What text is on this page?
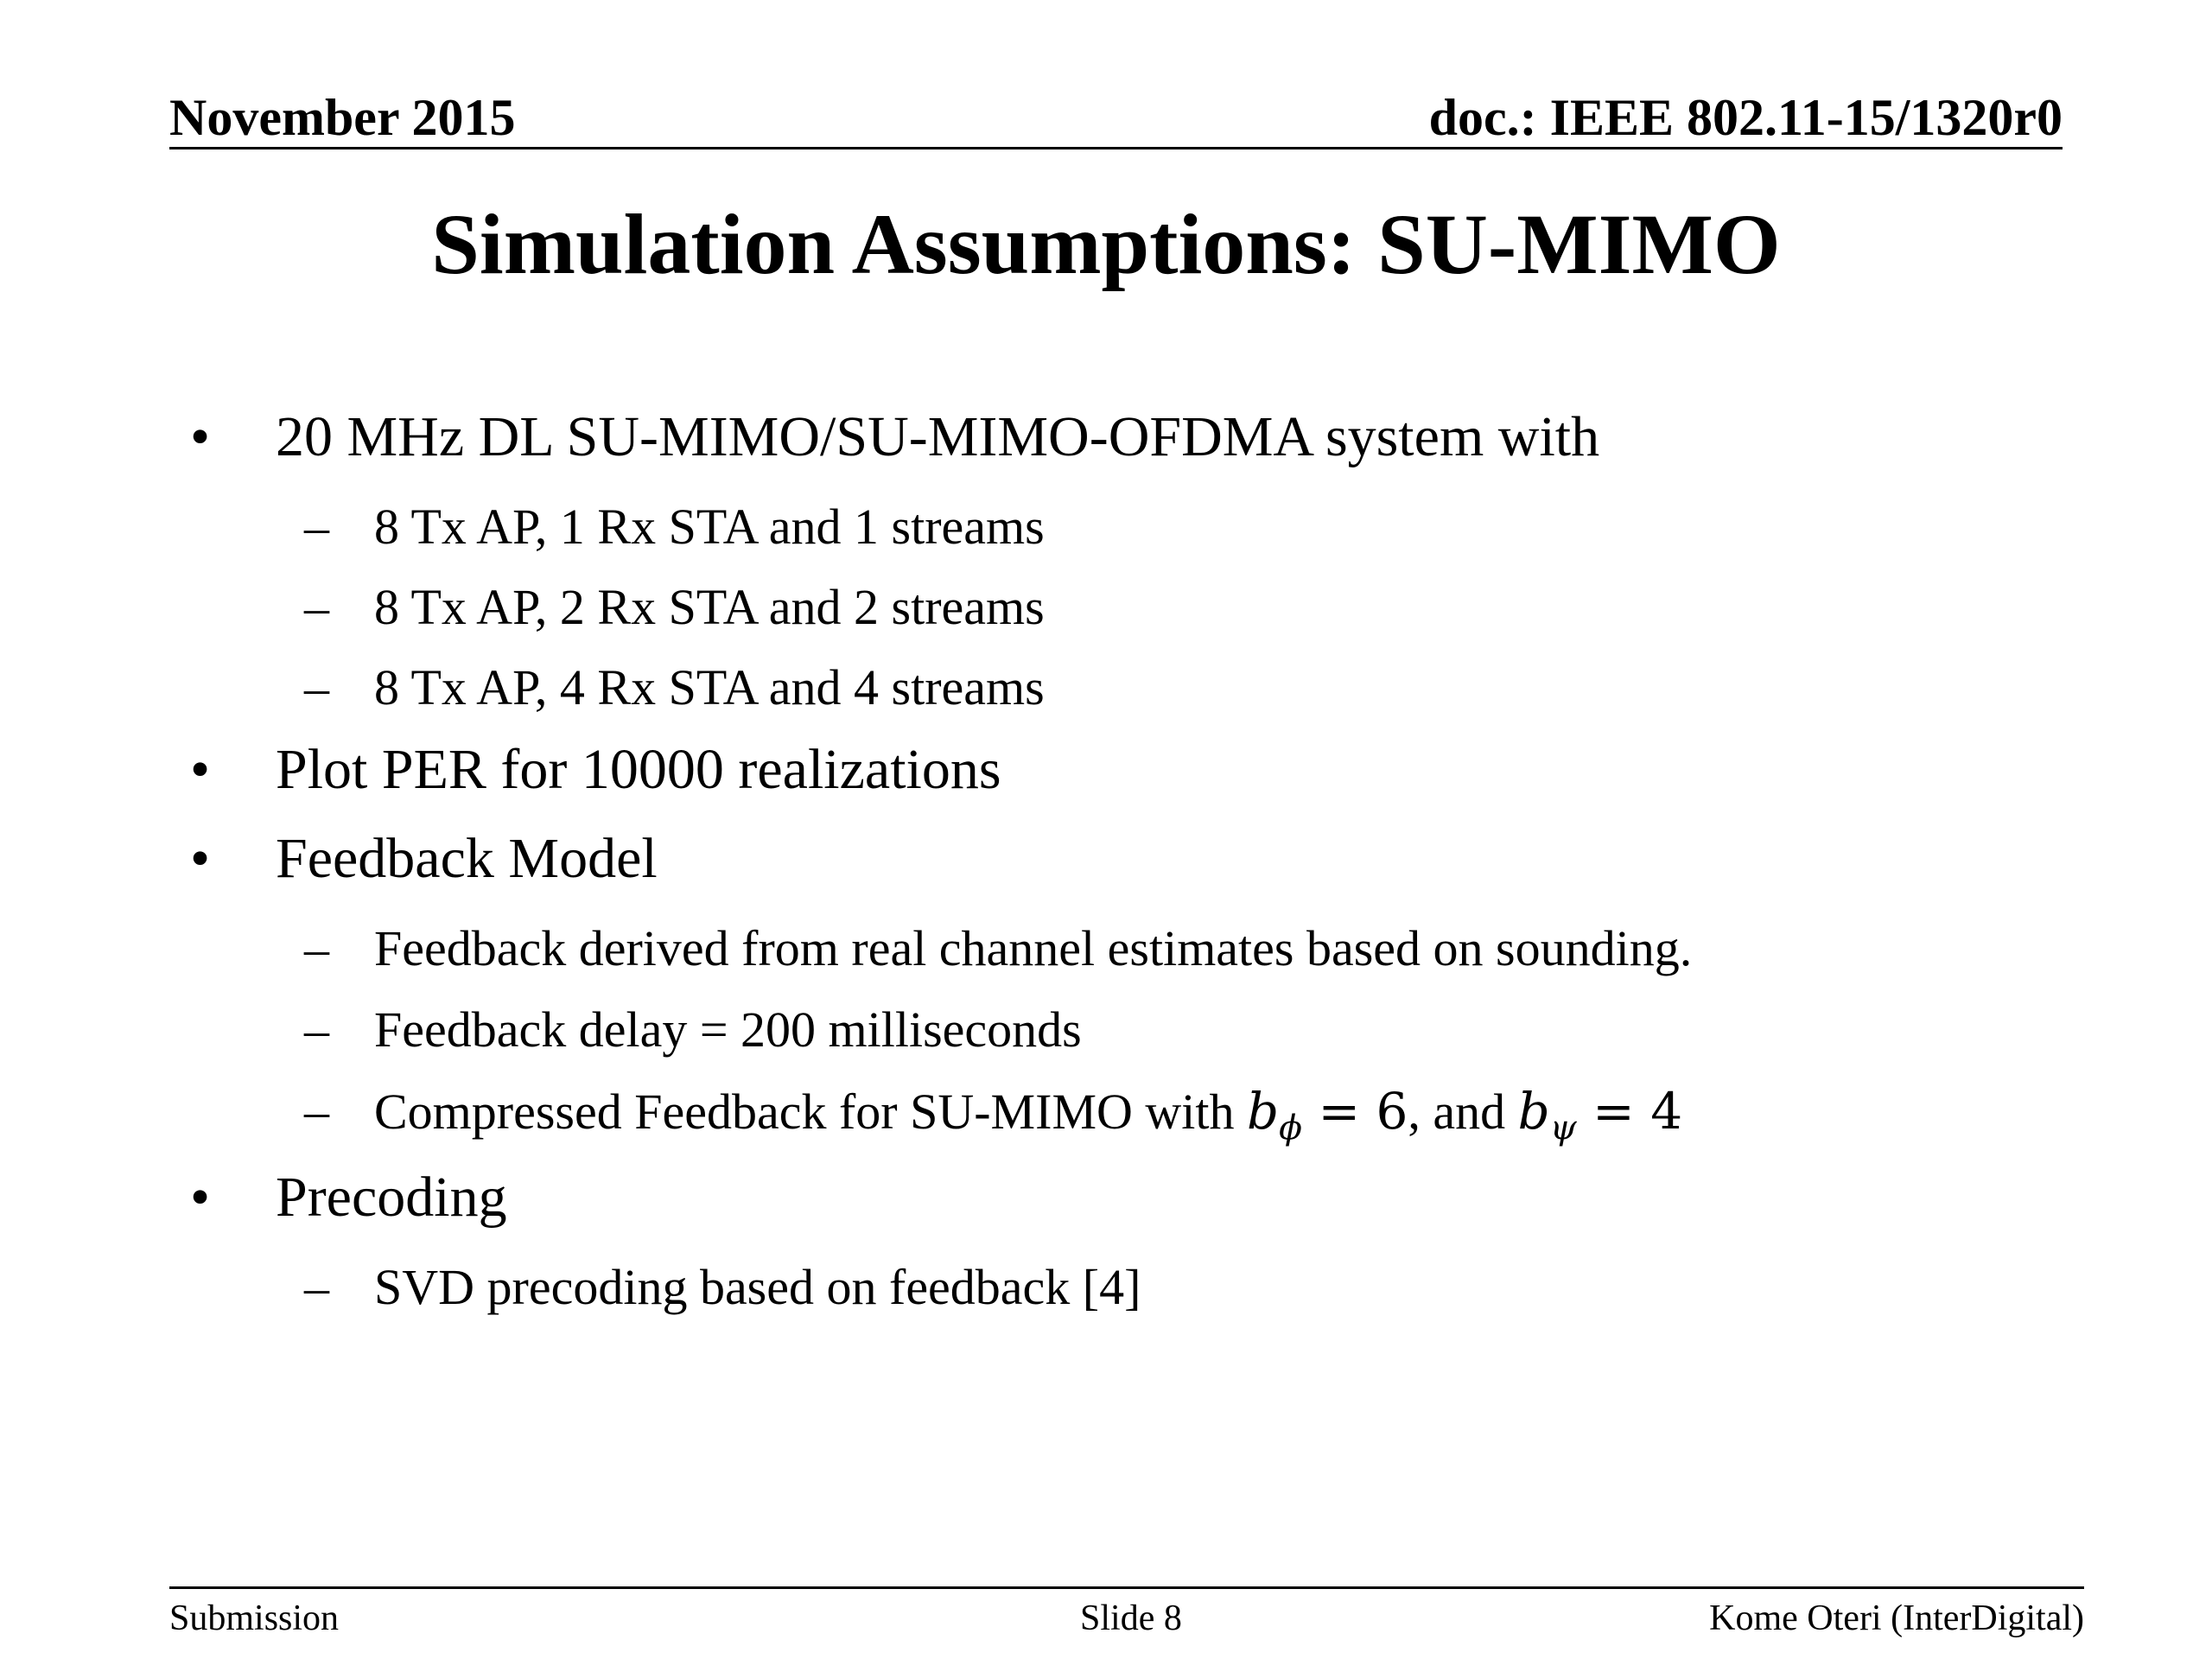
November 2015	doc.: IEEE 802.11-15/1320r0
Simulation Assumptions: SU-MIMO
• 20 MHz DL SU-MIMO/SU-MIMO-OFDMA system with
– 8 Tx AP, 1 Rx STA and 1 streams
– 8 Tx AP, 2 Rx STA and 2 streams
– 8 Tx AP, 4 Rx STA and 4 streams
• Plot PER for 10000 realizations
• Feedback Model
– Feedback derived from real channel estimates based on sounding.
– Feedback delay = 200 milliseconds
– Compressed Feedback for SU-MIMO with $b_\phi = 6$, and $b_\psi = 4$
• Precoding
– SVD precoding based on feedback [4]
Submission	Slide 8	Kome Oteri (InterDigital)
